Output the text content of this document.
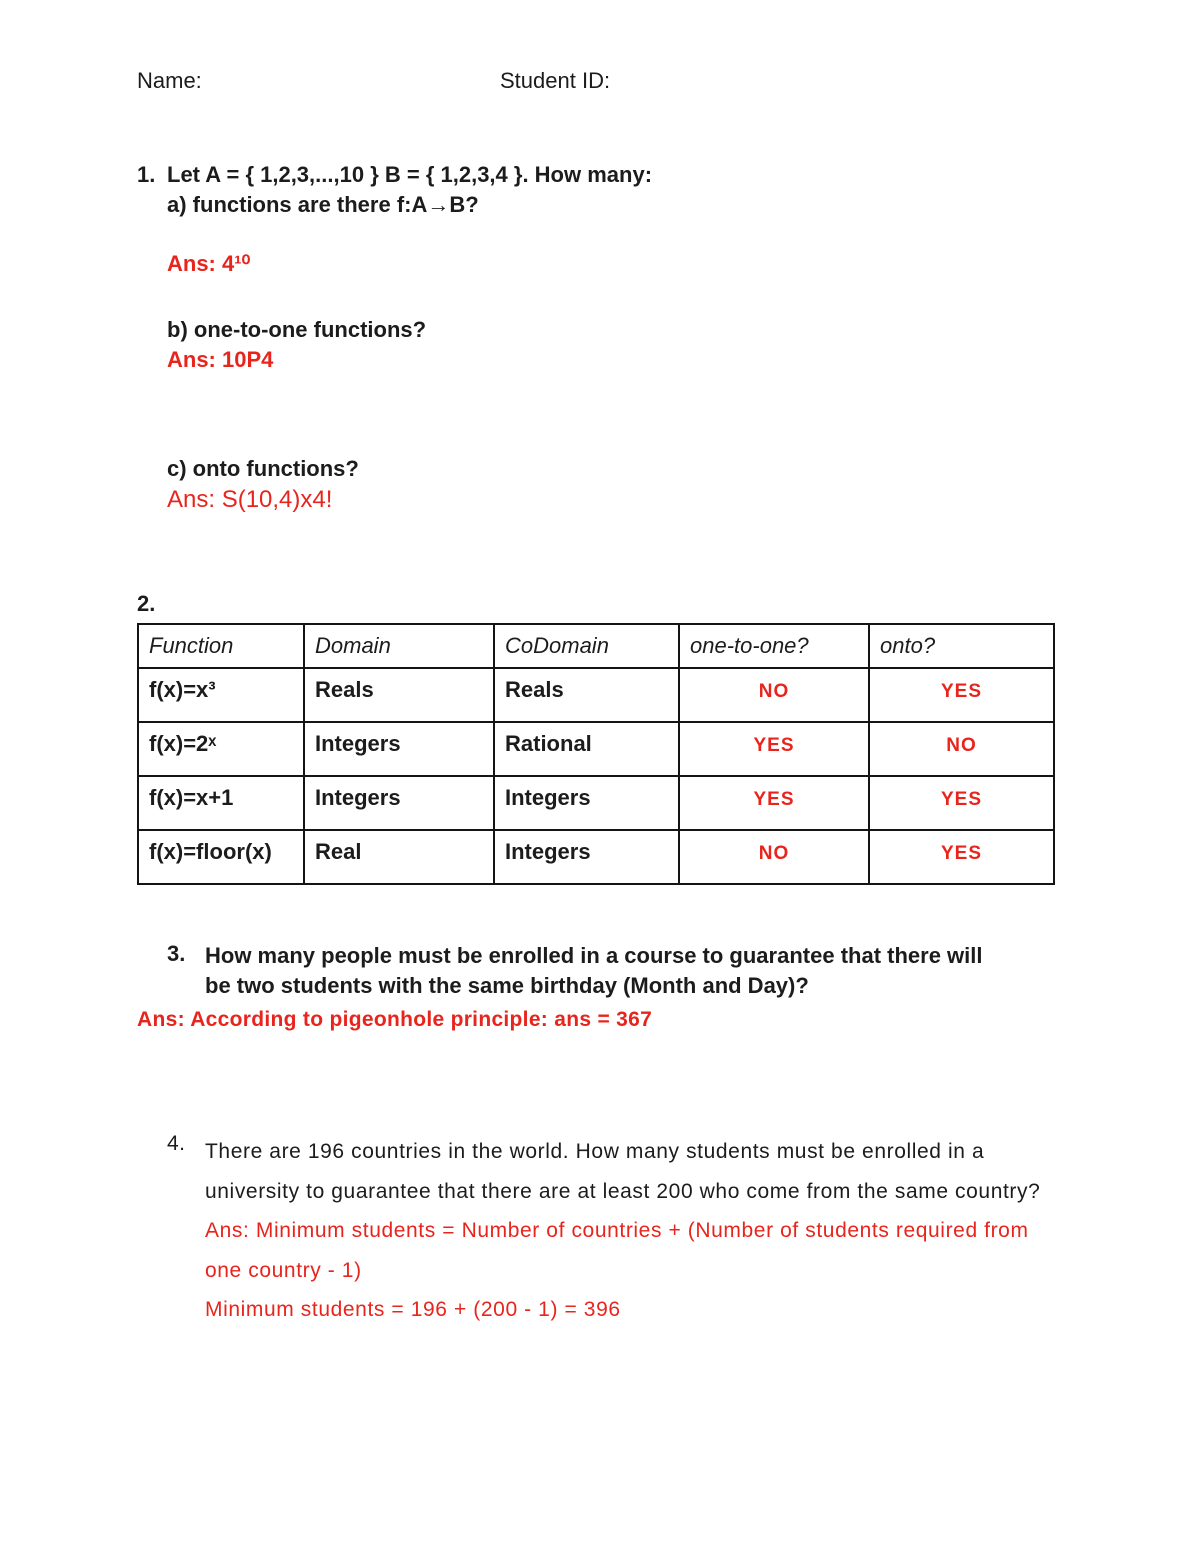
Name:	Student ID:
1. Let A = { 1,2,3,...,10 } B = { 1,2,3,4 }. How many:
a) functions are there f:A→B?
Ans: 4¹⁰
b) one-to-one functions?
Ans: 10P4
c) onto functions?
Ans: S(10,4)x4!
2.
Function	Domain	CoDomain	one-to-one?	onto?
f(x)=x³	Reals	Reals	NO	YES
f(x)=2ˣ	Integers	Rational	YES	NO
f(x)=x+1	Integers	Integers	YES	YES
f(x)=floor(x)	Real	Integers	NO	YES
3. How many people must be enrolled in a course to guarantee that there will be two students with the same birthday (Month and Day)?
Ans: According to pigeonhole principle: ans = 367
4. There are 196 countries in the world. How many students must be enrolled in a university to guarantee that there are at least 200 who come from the same country?
Ans: Minimum students = Number of countries + (Number of students required from one country - 1)
Minimum students = 196 + (200 - 1) = 396
